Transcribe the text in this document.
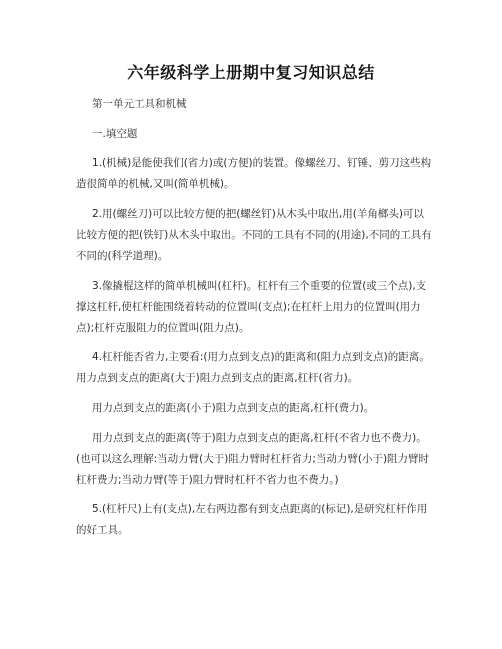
六年级科学上册期中复习知识总结
第一单元工具和机械
一.填空题
1.(机械)是能使我们(省力)或(方便)的装置。像螺丝刀、钉锤、剪刀这些构造很简单的机械,又叫(简单机械)。
2.用(螺丝刀)可以比较方便的把(螺丝钉)从木头中取出,用(羊角榔头)可以比较方便的把(铁钉)从木头中取出。不同的工具有不同的(用途),不同的工具有不同的(科学道理)。
3.像撬棍这样的简单机械叫(杠杆)。杠杆有三个重要的位置(或三个点),支撑这杠杆,使杠杆能围绕着转动的位置叫(支点);在杠杆上用力的位置叫(用力点);杠杆克服阻力的位置叫(阻力点)。
4.杠杆能否省力,主要看:(用力点到支点)的距离和(阻力点到支点)的距离。用力点到支点的距离(大于)阻力点到支点的距离,杠杆(省力)。
用力点到支点的距离(小于)阻力点到支点的距离,杠杆(费力)。
用力点到支点的距离(等于)阻力点到支点的距离,杠杆(不省力也不费力)。(也可以这么理解:当动力臂(大于)阻力臂时杠杆省力;当动力臂(小于)阻力臂时杠杆费力;当动力臂(等于)阻力臂时杠杆不省力也不费力。)
5.(杠杆尺)上有(支点),左右两边都有到支点距离的(标记),是研究杠杆作用的好工具。
